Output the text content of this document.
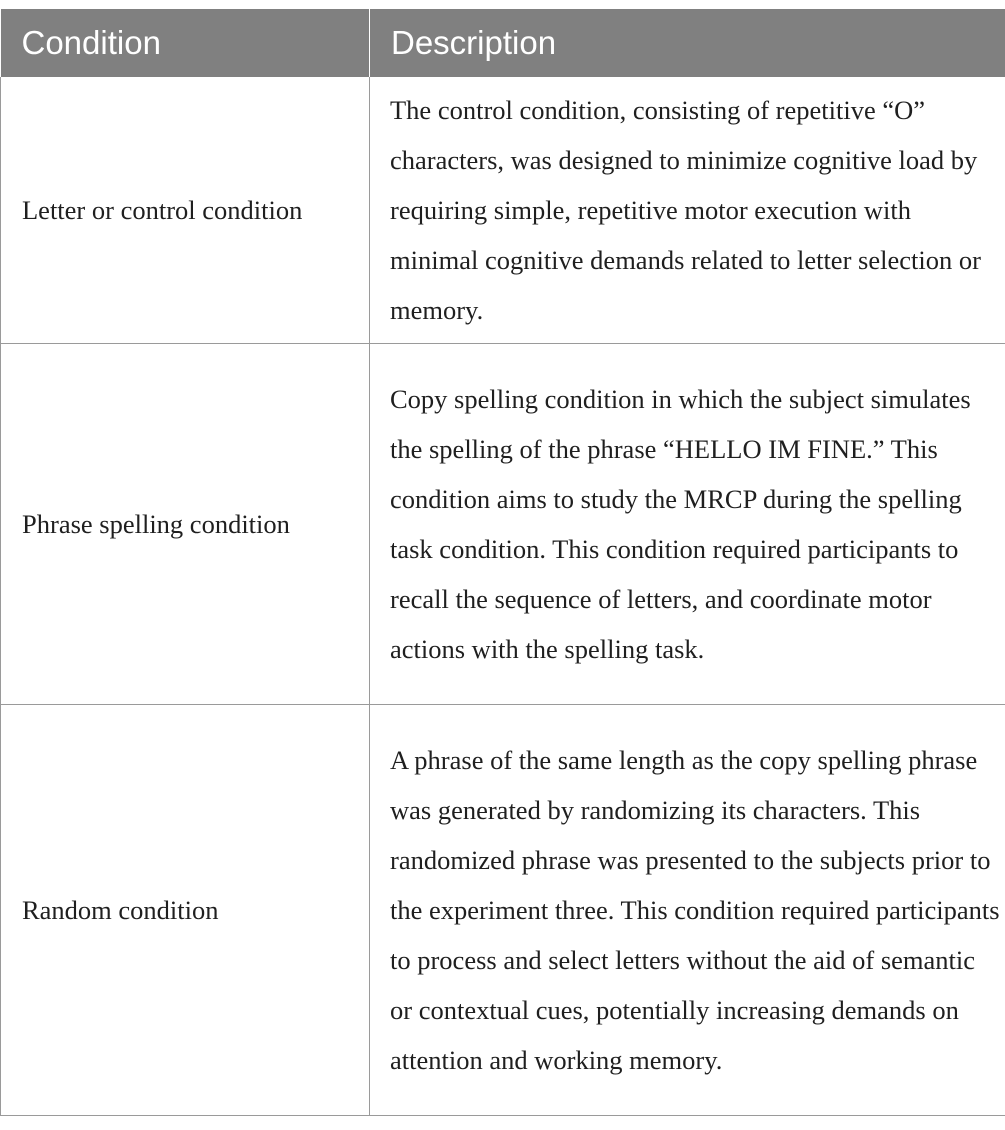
Condition	Description
Letter or control condition	The control condition, consisting of repetitive “O” characters, was designed to minimize cognitive load by requiring simple, repetitive motor execution with minimal cognitive demands related to letter selection or memory.
Phrase spelling condition	Copy spelling condition in which the subject simulates the spelling of the phrase “HELLO IM FINE.” This condition aims to study the MRCP during the spelling task condition. This condition required participants to recall the sequence of letters, and coordinate motor actions with the spelling task.
Random condition	A phrase of the same length as the copy spelling phrase was generated by randomizing its characters. This randomized phrase was presented to the subjects prior to the experiment three. This condition required participants to process and select letters without the aid of semantic or contextual cues, potentially increasing demands on attention and working memory.
